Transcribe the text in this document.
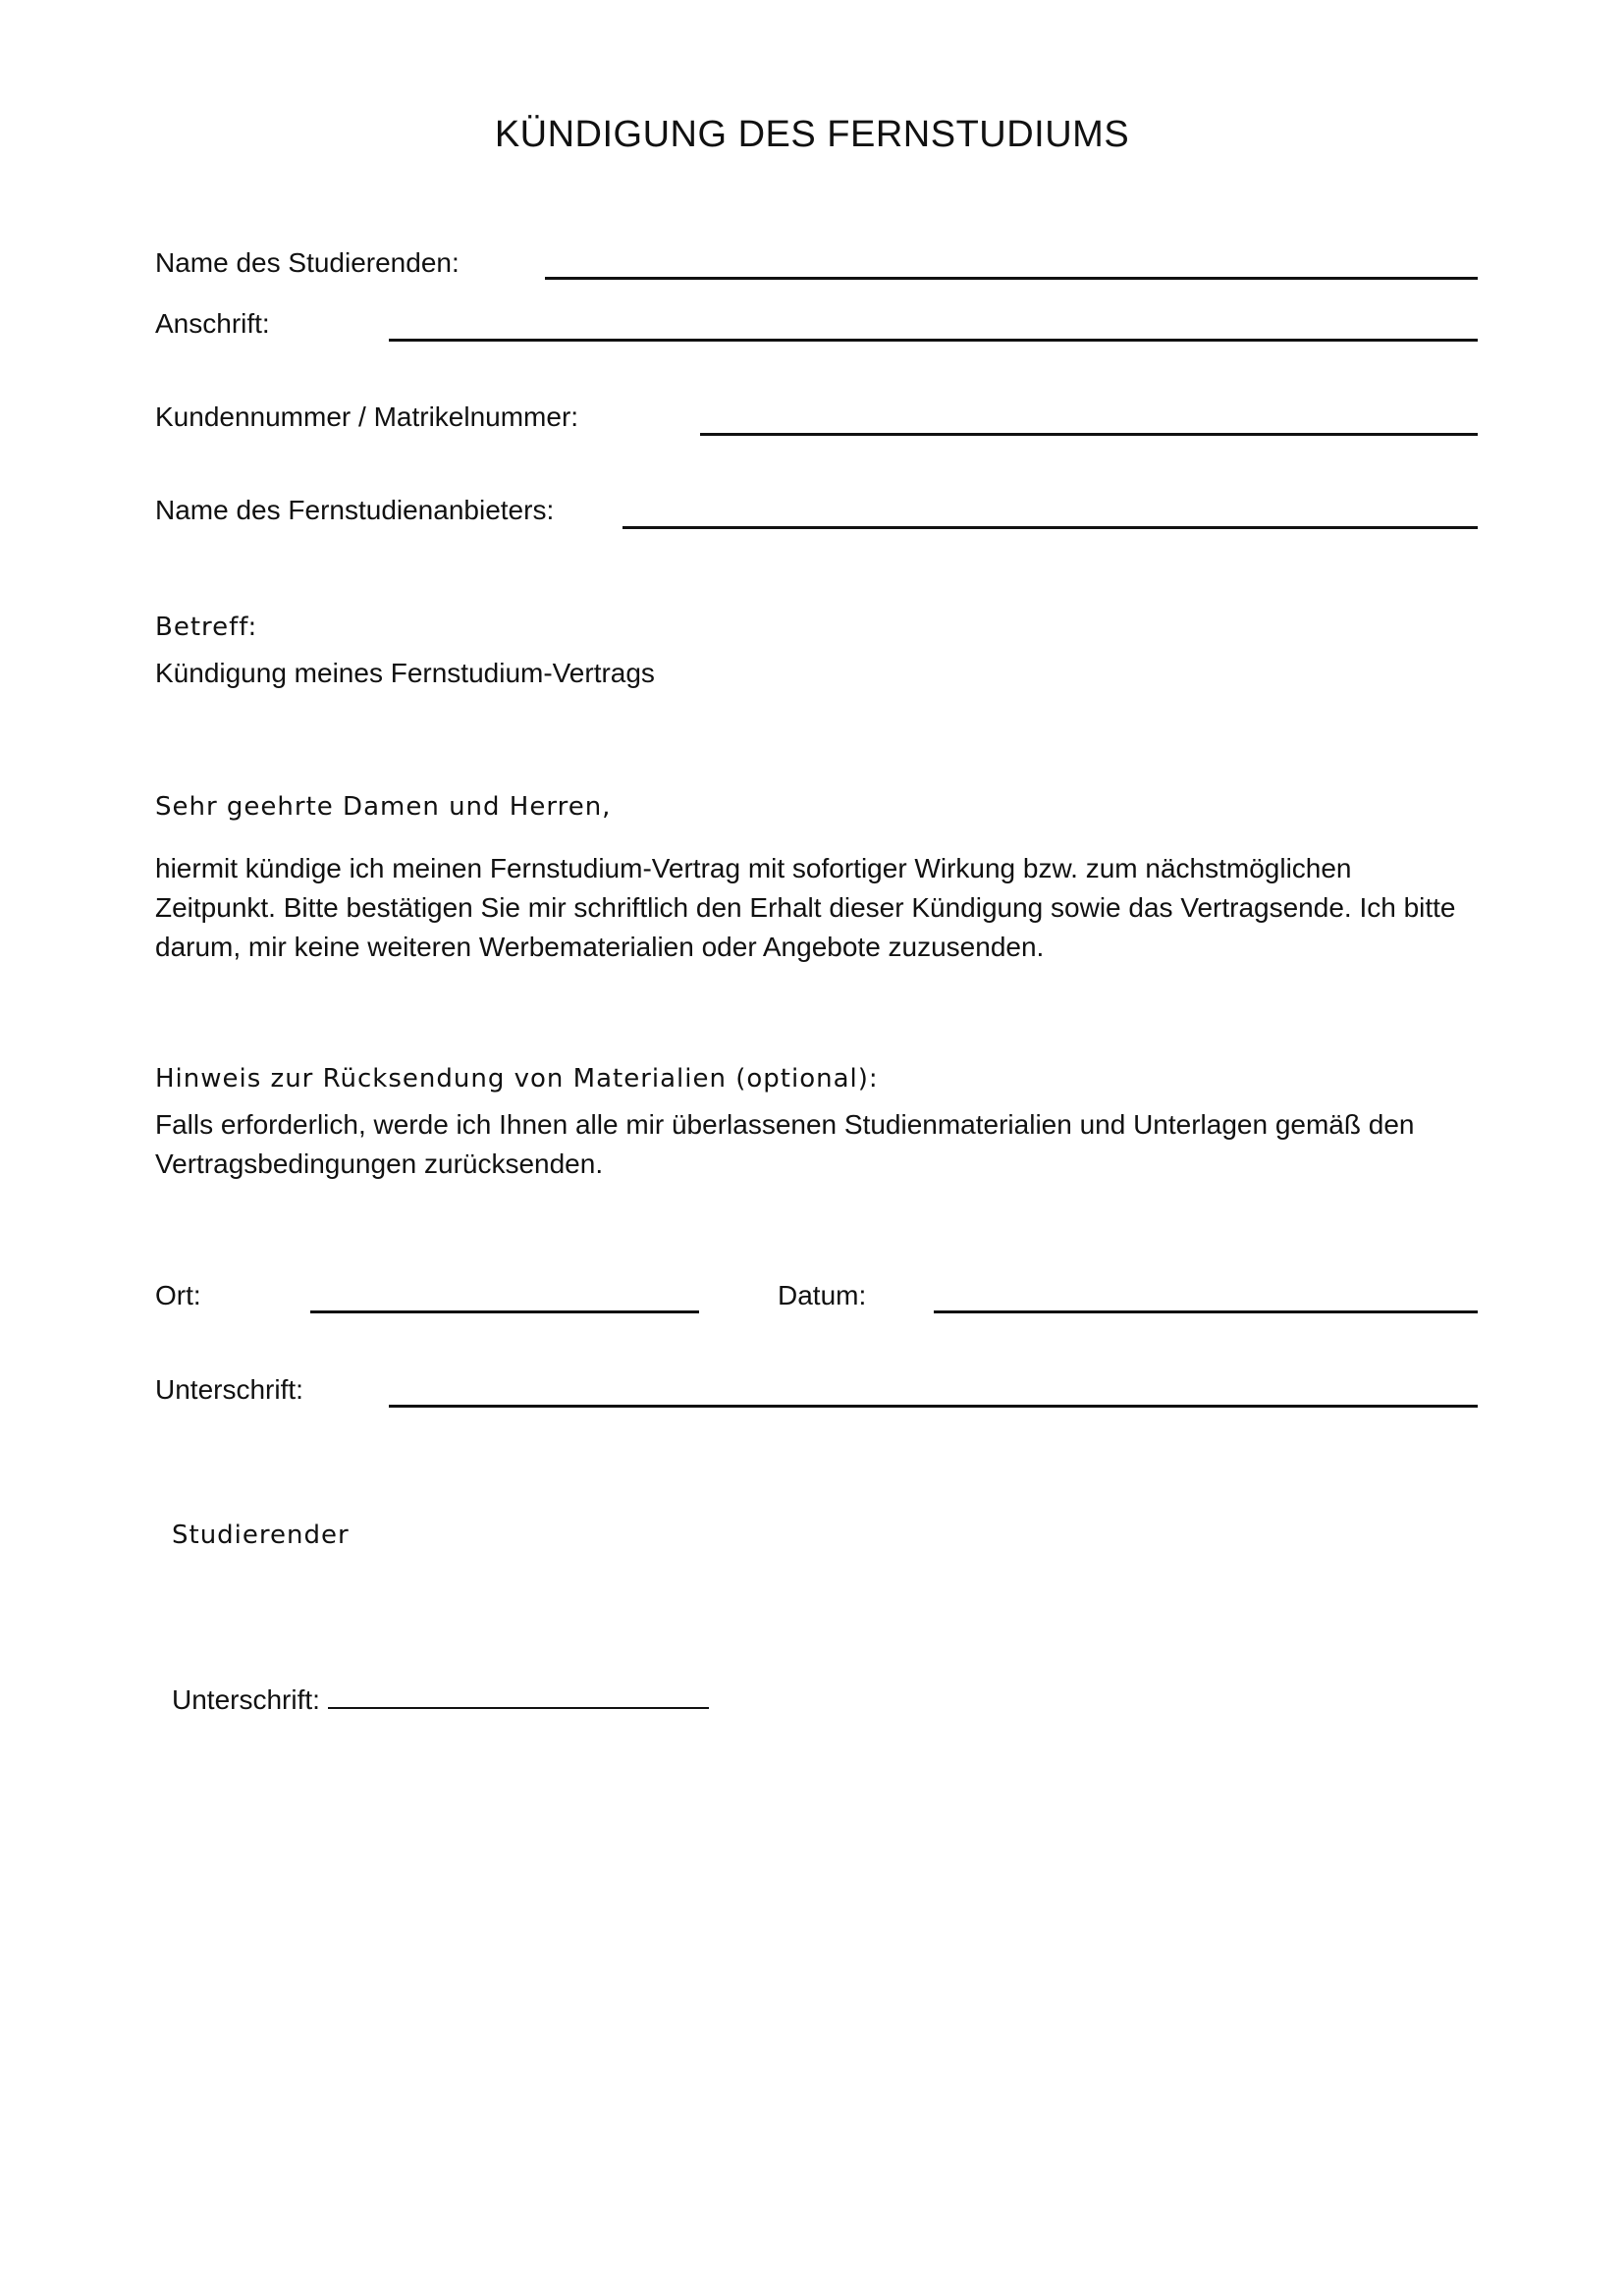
KÜNDIGUNG DES FERNSTUDIUMS
Name des Studierenden:
Anschrift:
Kundennummer / Matrikelnummer:
Name des Fernstudienanbieters:
Betreff:
Kündigung meines Fernstudium-Vertrags
Sehr geehrte Damen und Herren,

hiermit kündige ich meinen Fernstudium-Vertrag mit sofortiger Wirkung bzw. zum nächstmöglichen

Zeitpunkt. Bitte bestätigen Sie mir schriftlich den Erhalt dieser Kündigung sowie das Vertragsende. Ich bitte

darum, mir keine weiteren Werbematerialien oder Angebote zuzusenden.

Hinweis zur Rücksendung von Materialien (optional):

Falls erforderlich, werde ich Ihnen alle mir überlassenen Studienmaterialien und Unterlagen gemäß den

Vertragsbedingungen zurücksenden.

Ort:	Datum:
Unterschrift:
Studierender
Unterschrift:
